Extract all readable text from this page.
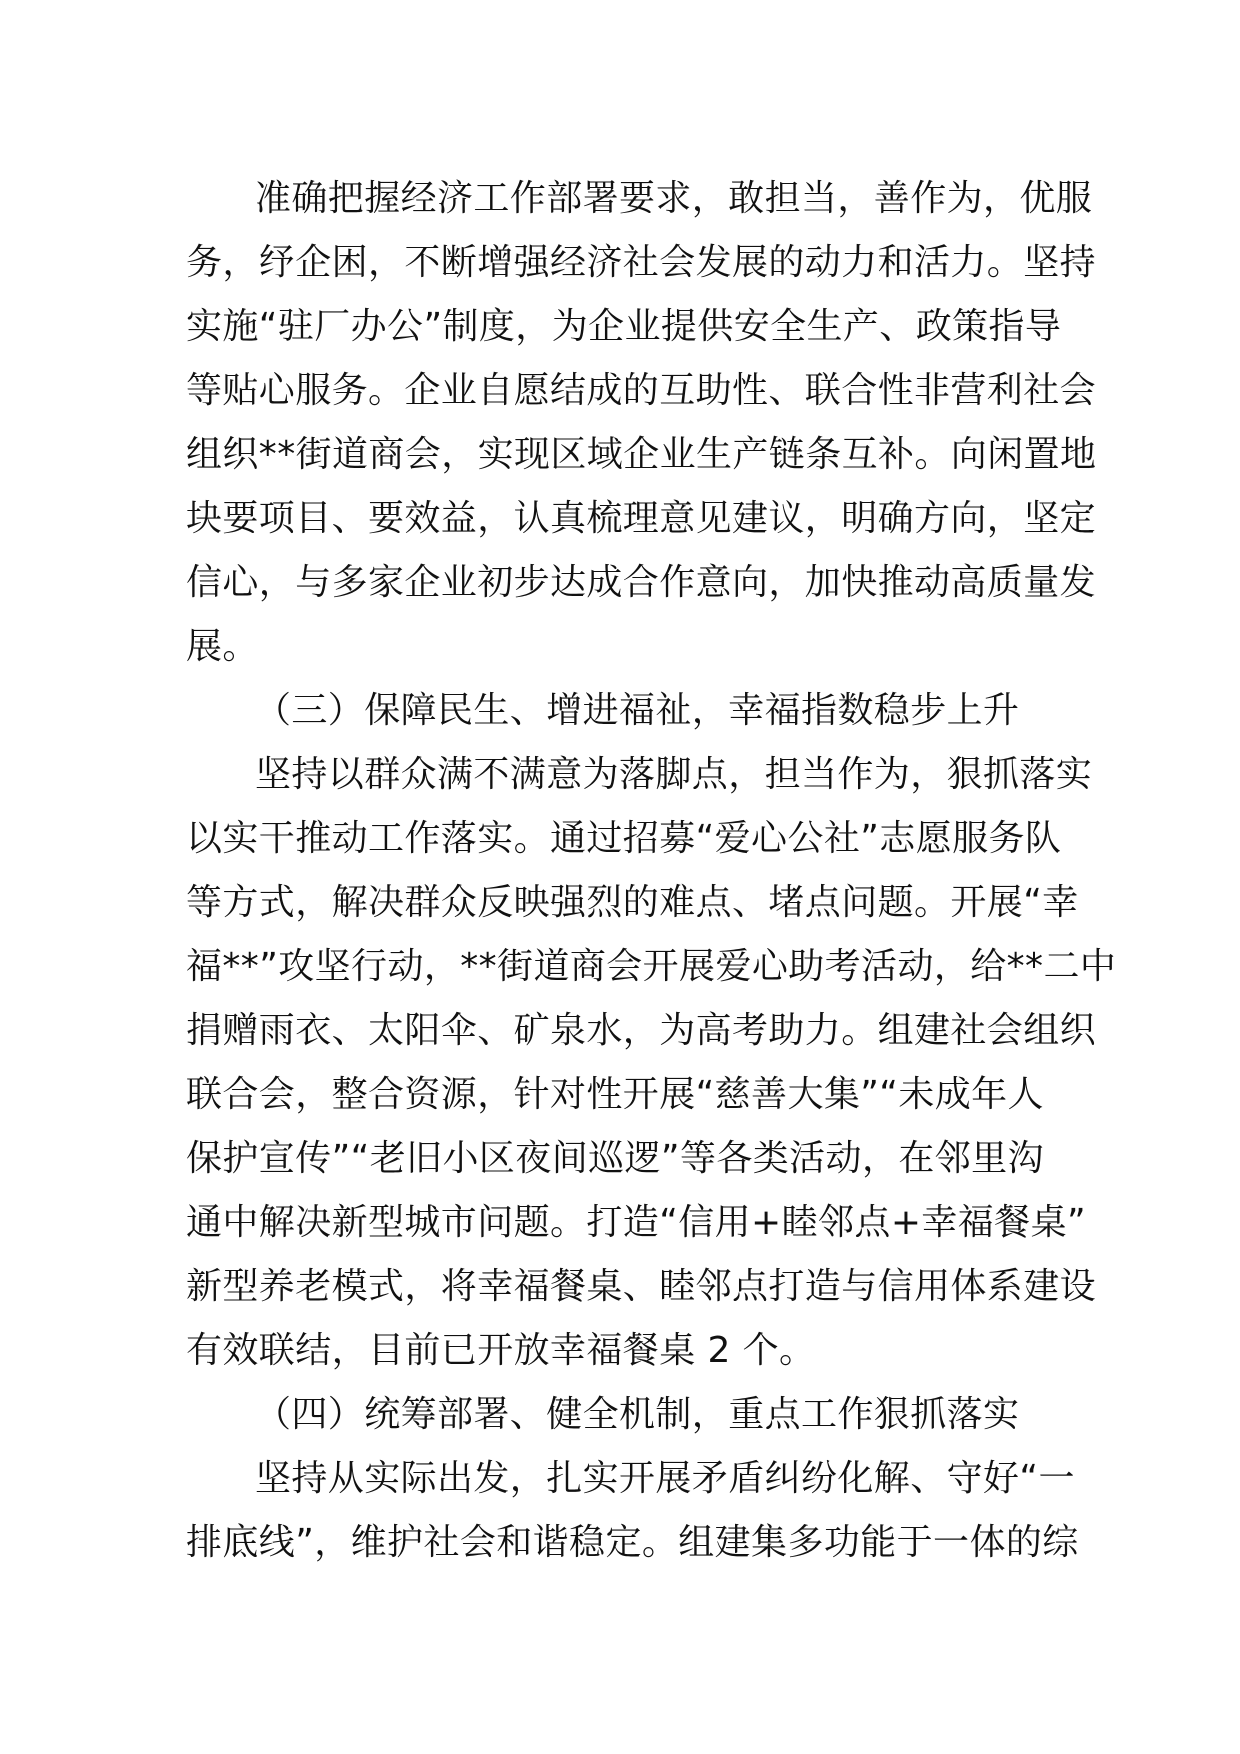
准确把握经济工作部署要求，敢担当，善作为，优服
务，纾企困，不断增强经济社会发展的动力和活力。坚持
实施“驻厂办公”制度，为企业提供安全生产、政策指导
等贴心服务。企业自愿结成的互助性、联合性非营利社会
组织**街道商会，实现区域企业生产链条互补。向闲置地
块要项目、要效益，认真梳理意见建议，明确方向，坚定
信心，与多家企业初步达成合作意向，加快推动高质量发
展。
（三）保障民生、增进福祉，幸福指数稳步上升
坚持以群众满不满意为落脚点，担当作为，狠抓落实
以实干推动工作落实。通过招募“爱心公社”志愿服务队
等方式，解决群众反映强烈的难点、堵点问题。开展“幸
福**”攻坚行动，**街道商会开展爱心助考活动，给**二中
捐赠雨衣、太阳伞、矿泉水，为高考助力。组建社会组织
联合会，整合资源，针对性开展“慈善大集”“未成年人
保护宣传”“老旧小区夜间巡逻”等各类活动，在邻里沟
通中解决新型城市问题。打造“信用+睦邻点+幸福餐桌”
新型养老模式，将幸福餐桌、睦邻点打造与信用体系建设
有效联结，目前已开放幸福餐桌 2 个。
（四）统筹部署、健全机制，重点工作狠抓落实
坚持从实际出发，扎实开展矛盾纠纷化解、守好“一
排底线”，维护社会和谐稳定。组建集多功能于一体的综
